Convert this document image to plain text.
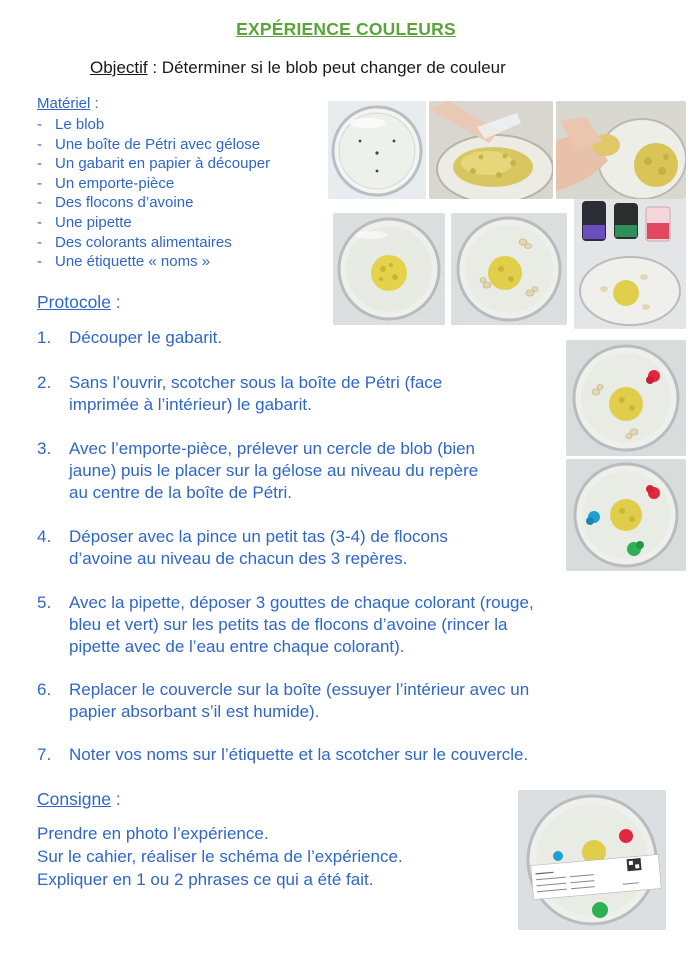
EXPÉRIENCE COULEURS
Objectif : Déterminer si le blob peut changer de couleur
Matériel :
- Le blob
- Une boîte de Pétri avec gélose
- Un gabarit en papier à découper
- Un emporte-pièce
- Des flocons d’avoine
- Une pipette
- Des colorants alimentaires
- Une étiquette « noms »
Protocole :
1. Découper le gabarit.
2. Sans l’ouvrir, scotcher sous la boîte de Pétri (face
imprimée à l’intérieur) le gabarit.
3. Avec l’emporte-pièce, prélever un cercle de blob (bien
jaune) puis le placer sur la gélose au niveau du repère
au centre de la boîte de Pétri.
4. Déposer avec la pince un petit tas (3-4) de flocons
d’avoine au niveau de chacun des 3 repères.
5. Avec la pipette, déposer 3 gouttes de chaque colorant (rouge,
bleu et vert) sur les petits tas de flocons d’avoine (rincer la
pipette avec de l’eau entre chaque colorant).
6. Replacer le couvercle sur la boîte (essuyer l’intérieur avec un
papier absorbant s’il est humide).
7. Noter vos noms sur l’étiquette et la scotcher sur le couvercle.
Consigne :
Prendre en photo l’expérience.
Sur le cahier, réaliser le schéma de l’expérience.
Expliquer en 1 ou 2 phrases ce qui a été fait.
